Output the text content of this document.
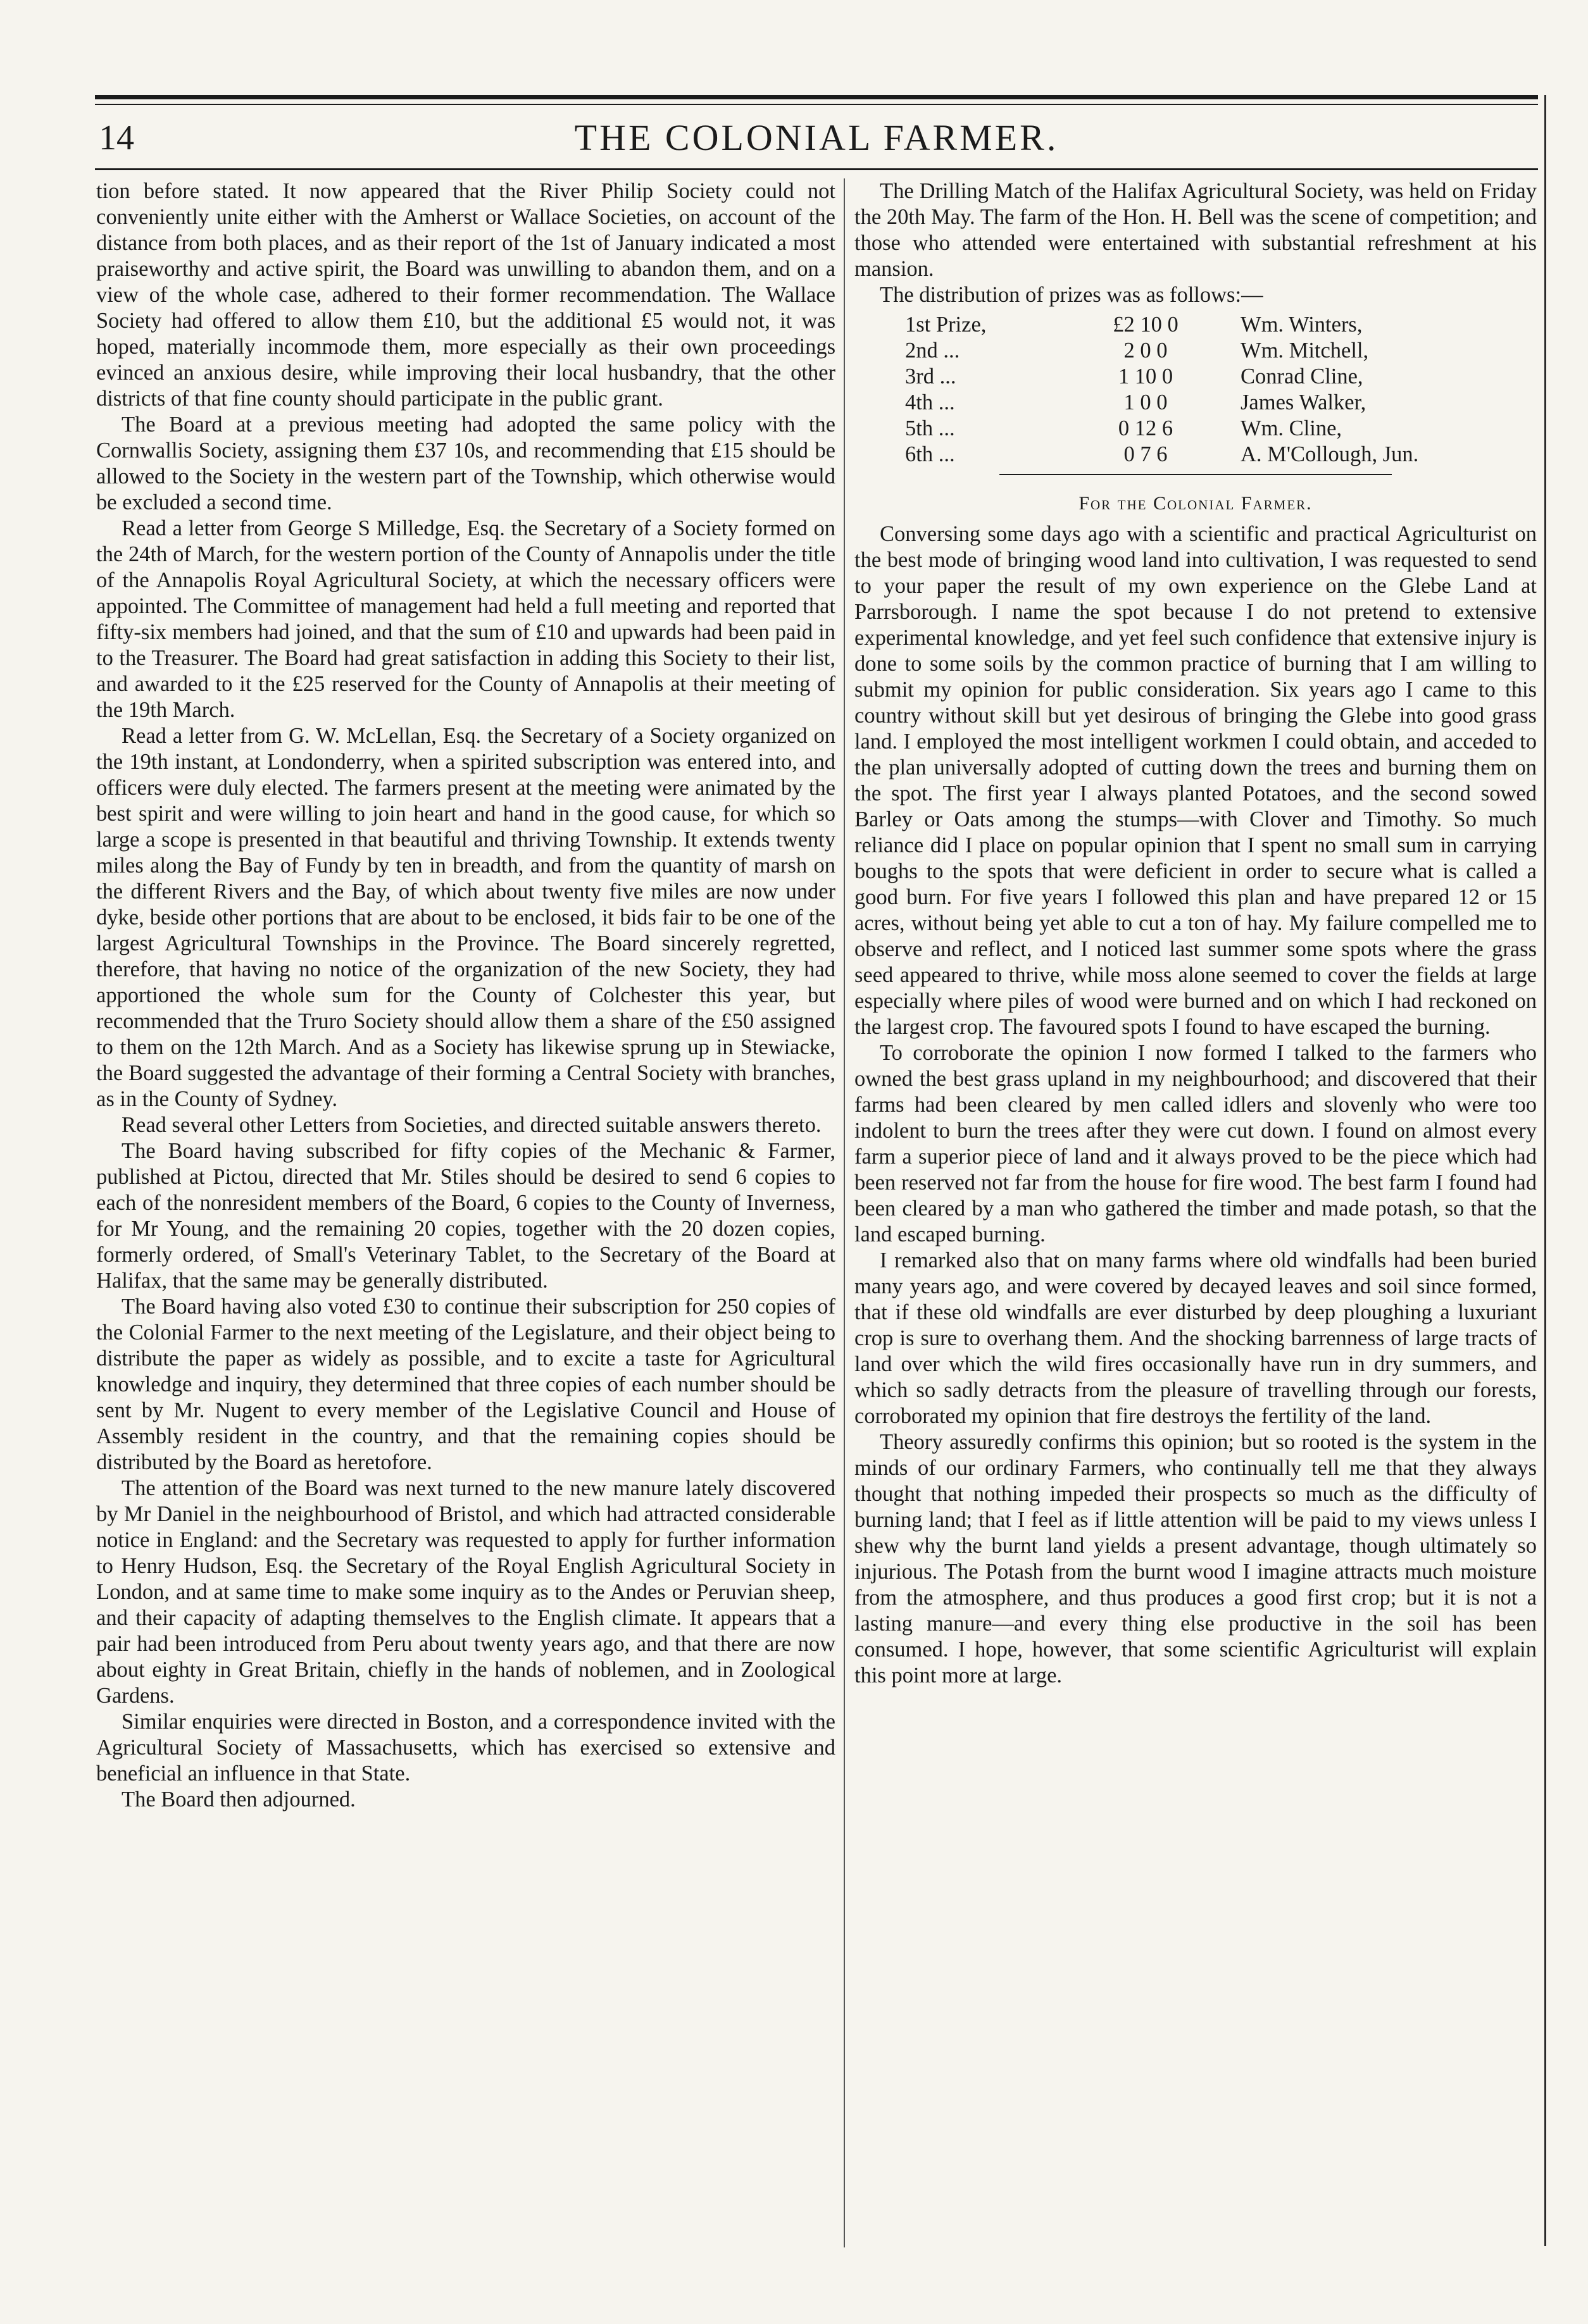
14	THE COLONIAL FARMER.

tion before stated. It now appeared that the River Philip Society could not conveniently unite either with the Amherst or Wallace Societies, on account of the distance from both places, and as their report of the 1st of January indicated a most praiseworthy and active spirit, the Board was unwilling to abandon them, and on a view of the whole case, adhered to their former recommendation. The Wallace Society had offered to allow them £10, but the additional £5 would not, it was hoped, materially incommode them, more especially as their own proceedings evinced an anxious desire, while improving their local husbandry, that the other districts of that fine county should participate in the public grant.

The Board at a previous meeting had adopted the same policy with the Cornwallis Society, assigning them £37 10s, and recommending that £15 should be allowed to the Society in the western part of the Township, which otherwise would be excluded a second time.

Read a letter from George S Milledge, Esq. the Secretary of a Society formed on the 24th of March, for the western portion of the County of Annapolis under the title of the Annapolis Royal Agricultural Society, at which the necessary officers were appointed. The Committee of management had held a full meeting and reported that fifty-six members had joined, and that the sum of £10 and upwards had been paid in to the Treasurer. The Board had great satisfaction in adding this Society to their list, and awarded to it the £25 reserved for the County of Annapolis at their meeting of the 19th March.

Read a letter from G. W. McLellan, Esq. the Secretary of a Society organized on the 19th instant, at Londonderry, when a spirited subscription was entered into, and officers were duly elected. The farmers present at the meeting were animated by the best spirit and were willing to join heart and hand in the good cause, for which so large a scope is presented in that beautiful and thriving Township. It extends twenty miles along the Bay of Fundy by ten in breadth, and from the quantity of marsh on the different Rivers and the Bay, of which about twenty five miles are now under dyke, beside other portions that are about to be enclosed, it bids fair to be one of the largest Agricultural Townships in the Province. The Board sincerely regretted, therefore, that having no notice of the organization of the new Society, they had apportioned the whole sum for the County of Colchester this year, but recommended that the Truro Society should allow them a share of the £50 assigned to them on the 12th March. And as a Society has likewise sprung up in Stewiacke, the Board suggested the advantage of their forming a Central Society with branches, as in the County of Sydney.

Read several other Letters from Societies, and directed suitable answers thereto.

The Board having subscribed for fifty copies of the Mechanic & Farmer, published at Pictou, directed that Mr. Stiles should be desired to send 6 copies to each of the nonresident members of the Board, 6 copies to the County of Inverness, for Mr Young, and the remaining 20 copies, together with the 20 dozen copies, formerly ordered, of Small's Veterinary Tablet, to the Secretary of the Board at Halifax, that the same may be generally distributed.

The Board having also voted £30 to continue their subscription for 250 copies of the Colonial Farmer to the next meeting of the Legislature, and their object being to distribute the paper as widely as possible, and to excite a taste for Agricultural knowledge and inquiry, they determined that three copies of each number should be sent by Mr. Nugent to every member of the Legislative Council and House of Assembly resident in the country, and that the remaining copies should be distributed by the Board as heretofore.

The attention of the Board was next turned to the new manure lately discovered by Mr Daniel in the neighbourhood of Bristol, and which had attracted considerable notice in England: and the Secretary was requested to apply for further information to Henry Hudson, Esq. the Secretary of the Royal English Agricultural Society in London, and at same time to make some inquiry as to the Andes or Peruvian sheep, and their capacity of adapting themselves to the English climate. It appears that a pair had been introduced from Peru about twenty years ago, and that there are now about eighty in Great Britain, chiefly in the hands of noblemen, and in Zoological Gardens.

Similar enquiries were directed in Boston, and a correspondence invited with the Agricultural Society of Massachusetts, which has exercised so extensive and beneficial an influence in that State.

The Board then adjourned.

The Drilling Match of the Halifax Agricultural Society, was held on Friday the 20th May. The farm of the Hon. H. Bell was the scene of competition; and those who attended were entertained with substantial refreshment at his mansion.

The distribution of prizes was as follows:—

1st Prize,	£2 10 0	Wm. Winters,
2nd ...	2 0 0	Wm. Mitchell,
3rd ...	1 10 0	Conrad Cline,
4th ...	1 0 0	James Walker,
5th ...	0 12 6	Wm. Cline,
6th ...	0 7 6	A. M'Collough, Jun.
For the Colonial Farmer.

Conversing some days ago with a scientific and practical Agriculturist on the best mode of bringing wood land into cultivation, I was requested to send to your paper the result of my own experience on the Glebe Land at Parrsborough. I name the spot because I do not pretend to extensive experimental knowledge, and yet feel such confidence that extensive injury is done to some soils by the common practice of burning that I am willing to submit my opinion for public consideration. Six years ago I came to this country without skill but yet desirous of bringing the Glebe into good grass land. I employed the most intelligent workmen I could obtain, and acceded to the plan universally adopted of cutting down the trees and burning them on the spot. The first year I always planted Potatoes, and the second sowed Barley or Oats among the stumps—with Clover and Timothy. So much reliance did I place on popular opinion that I spent no small sum in carrying boughs to the spots that were deficient in order to secure what is called a good burn. For five years I followed this plan and have prepared 12 or 15 acres, without being yet able to cut a ton of hay. My failure compelled me to observe and reflect, and I noticed last summer some spots where the grass seed appeared to thrive, while moss alone seemed to cover the fields at large especially where piles of wood were burned and on which I had reckoned on the largest crop. The favoured spots I found to have escaped the burning.

To corroborate the opinion I now formed I talked to the farmers who owned the best grass upland in my neighbourhood; and discovered that their farms had been cleared by men called idlers and slovenly who were too indolent to burn the trees after they were cut down. I found on almost every farm a superior piece of land and it always proved to be the piece which had been reserved not far from the house for fire wood. The best farm I found had been cleared by a man who gathered the timber and made potash, so that the land escaped burning.

I remarked also that on many farms where old windfalls had been buried many years ago, and were covered by decayed leaves and soil since formed, that if these old windfalls are ever disturbed by deep ploughing a luxuriant crop is sure to overhang them. And the shocking barrenness of large tracts of land over which the wild fires occasionally have run in dry summers, and which so sadly detracts from the pleasure of travelling through our forests, corroborated my opinion that fire destroys the fertility of the land.

Theory assuredly confirms this opinion; but so rooted is the system in the minds of our ordinary Farmers, who continually tell me that they always thought that nothing impeded their prospects so much as the difficulty of burning land; that I feel as if little attention will be paid to my views unless I shew why the burnt land yields a present advantage, though ultimately so injurious. The Potash from the burnt wood I imagine attracts much moisture from the atmosphere, and thus produces a good first crop; but it is not a lasting manure—and every thing else productive in the soil has been consumed. I hope, however, that some scientific Agriculturist will explain this point more at large.
